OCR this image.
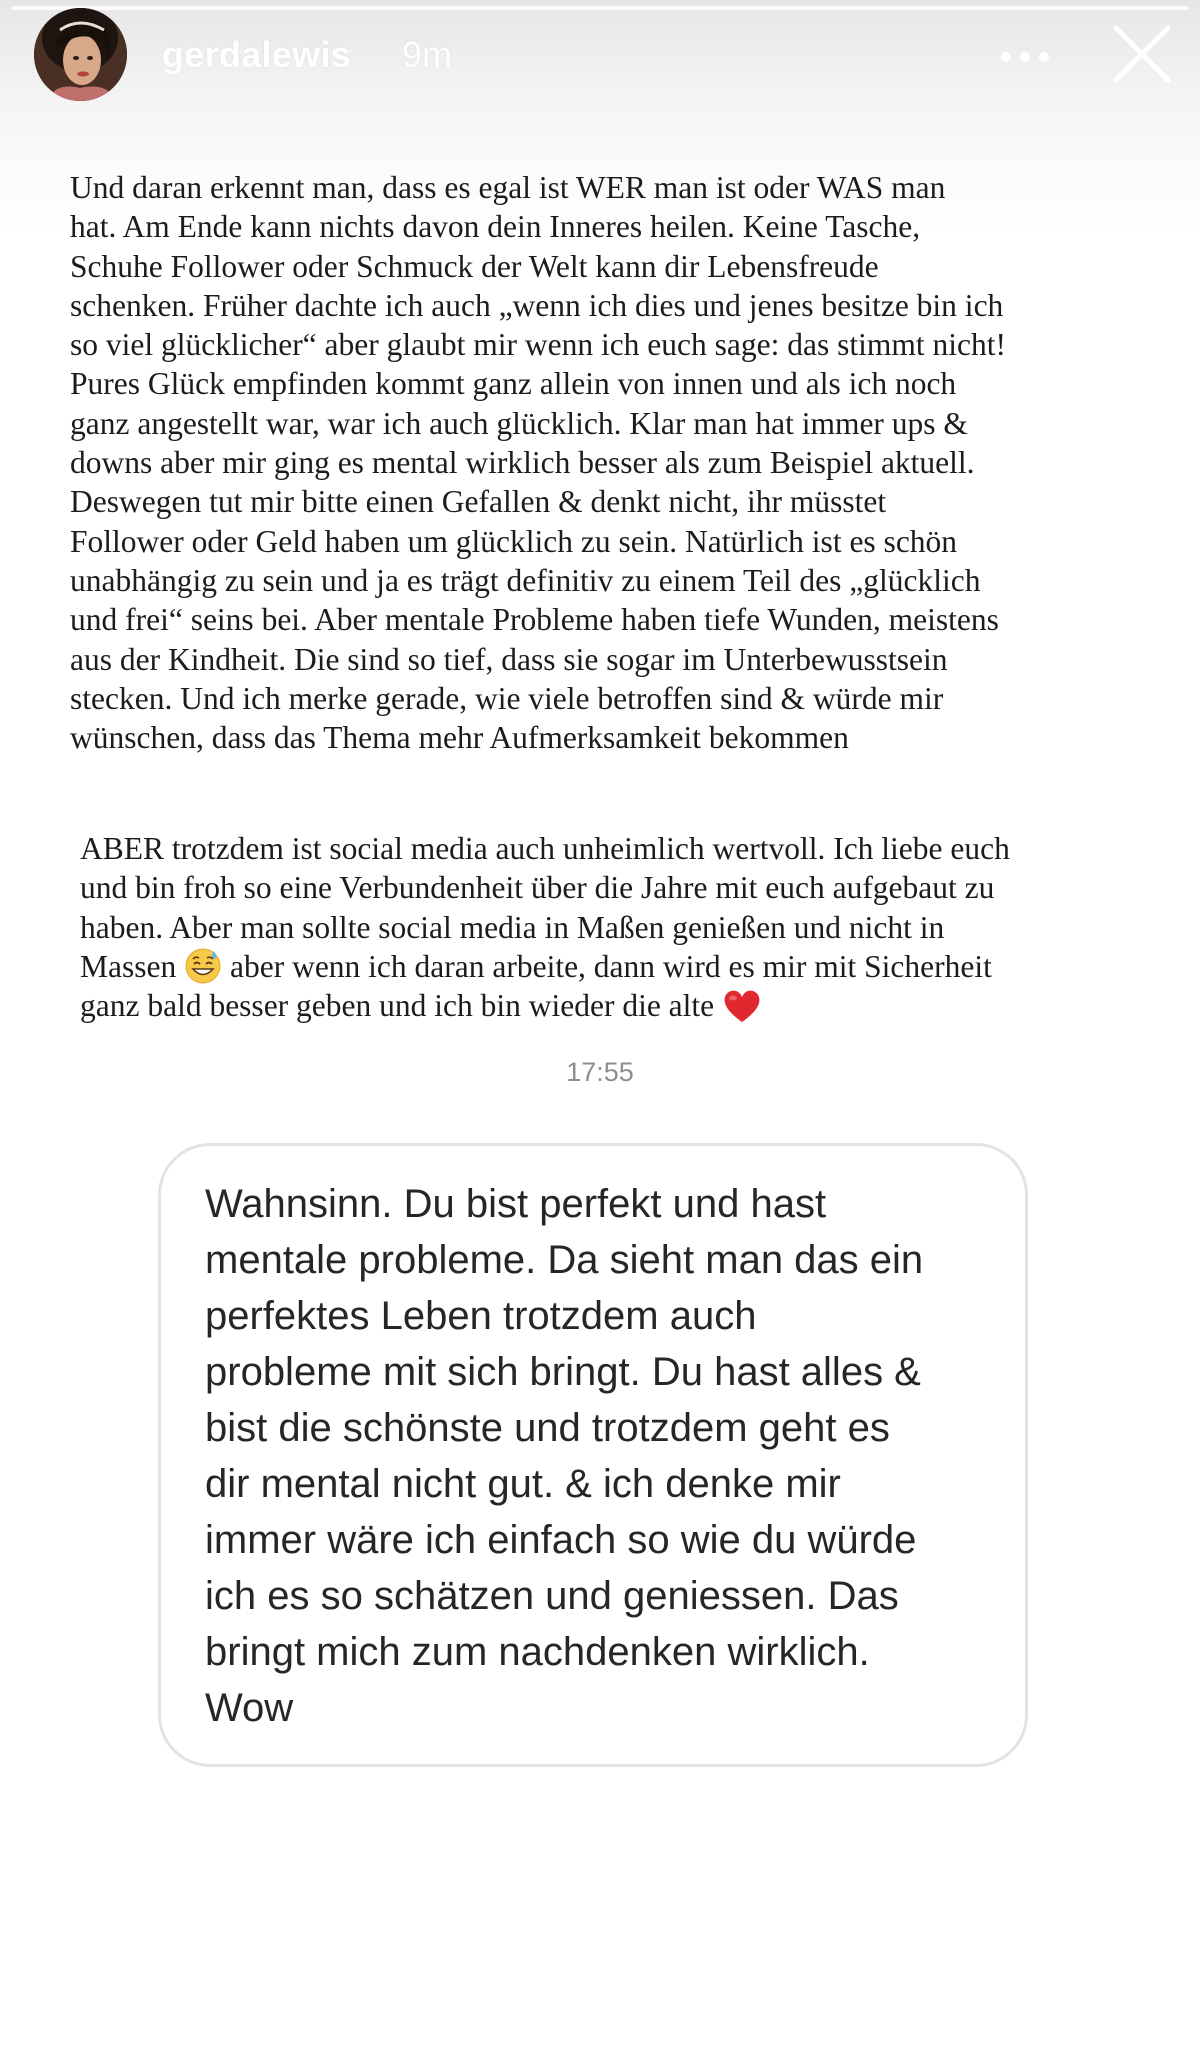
gerdalewis 9m

Und daran erkennt man, dass es egal ist WER man ist oder WAS man
hat. Am Ende kann nichts davon dein Inneres heilen. Keine Tasche,
Schuhe Follower oder Schmuck der Welt kann dir Lebensfreude
schenken. Früher dachte ich auch „wenn ich dies und jenes besitze bin ich
so viel glücklicher“ aber glaubt mir wenn ich euch sage: das stimmt nicht!
Pures Glück empfinden kommt ganz allein von innen und als ich noch
ganz angestellt war, war ich auch glücklich. Klar man hat immer ups &
downs aber mir ging es mental wirklich besser als zum Beispiel aktuell.
Deswegen tut mir bitte einen Gefallen & denkt nicht, ihr müsstet
Follower oder Geld haben um glücklich zu sein. Natürlich ist es schön
unabhängig zu sein und ja es trägt definitiv zu einem Teil des „glücklich
und frei“ seins bei. Aber mentale Probleme haben tiefe Wunden, meistens
aus der Kindheit. Die sind so tief, dass sie sogar im Unterbewusstsein
stecken. Und ich merke gerade, wie viele betroffen sind & würde mir
wünschen, dass das Thema mehr Aufmerksamkeit bekommen

ABER trotzdem ist social media auch unheimlich wertvoll. Ich liebe euch
und bin froh so eine Verbundenheit über die Jahre mit euch aufgebaut zu
haben. Aber man sollte social media in Maßen genießen und nicht in
Massen aber wenn ich daran arbeite, dann wird es mir mit Sicherheit
ganz bald besser geben und ich bin wieder die alte

17:55

Wahnsinn. Du bist perfekt und hast
mentale probleme. Da sieht man das ein
perfektes Leben trotzdem auch
probleme mit sich bringt. Du hast alles &
bist die schönste und trotzdem geht es
dir mental nicht gut. & ich denke mir
immer wäre ich einfach so wie du würde
ich es so schätzen und geniessen. Das
bringt mich zum nachdenken wirklich.
Wow
